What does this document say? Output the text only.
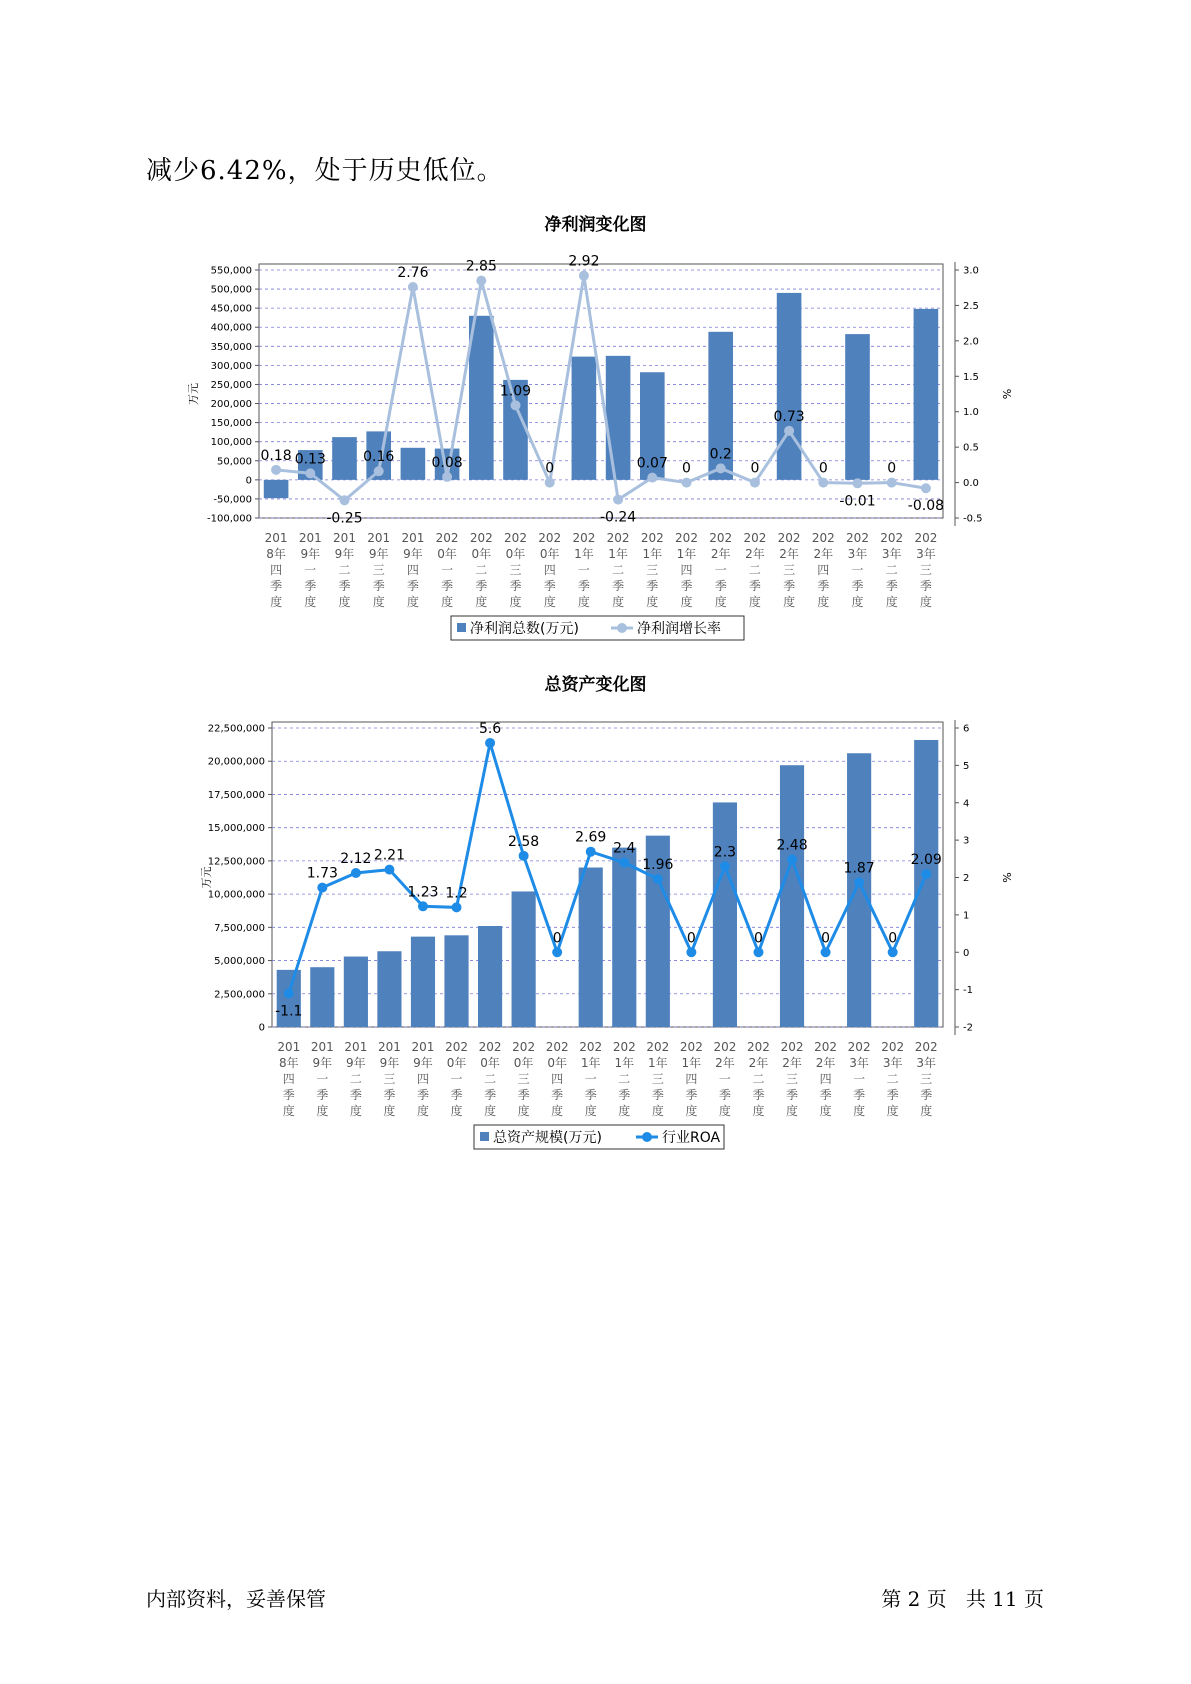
减少6.42%，处于历史低位。
净利润变化图
-100,000
-50,000
0
50,000
100,000
150,000
200,000
250,000
300,000
350,000
400,000
450,000
500,000
550,000
-0.5
0.0
0.5
1.0
1.5
2.0
2.5
3.0
万元	%
0.18 0.13
-0.25
0.16
2.76
0.08
2.85
1.09
0
2.92
-0.24
0.07 0
0.2
0
0.73
0
-0.01
0
-0.08
201
8年
四
季
度
201
9年
一
季
度
201
9年
二
季
度
201
9年
三
季
度
201
9年
四
季
度
202
0年
一
季
度
202
0年
二
季
度
202
0年
三
季
度
202
0年
四
季
度
202
1年
一
季
度
202
1年
二
季
度
202
1年
三
季
度
202
1年
四
季
度
202
2年
一
季
度
202
2年
二
季
度
202
2年
三
季
度
202
2年
四
季
度
202
3年
一
季
度
202
3年
二
季
度
202
3年
三
季
度
净利润总数(万元)	净利润增长率
总资产变化图
0
2,500,000
5,000,000
7,500,000
10,000,000
12,500,000
15,000,000
17,500,000
20,000,000
22,500,000
-2
-1
0
1
2
3
4
5
6
万元	%
-1.1
1.73
2.12 2.21
1.23 1.2
5.6
2.58
0
2.69
2.4
1.96
0
2.3
0
2.48
0
1.87
0
2.09
201
8年
四
季
度
201
9年
一
季
度
201
9年
二
季
度
201
9年
三
季
度
201
9年
四
季
度
202
0年
一
季
度
202
0年
二
季
度
202
0年
三
季
度
202
0年
四
季
度
202
1年
一
季
度
202
1年
二
季
度
202
1年
三
季
度
202
1年
四
季
度
202
2年
一
季
度
202
2年
二
季
度
202
2年
三
季
度
202
2年
四
季
度
202
3年
一
季
度
202
3年
二
季
度
202
3年
三
季
度
总资产规模(万元)	行业ROA
内部资料，妥善保管	第 2 页   共 11 页
